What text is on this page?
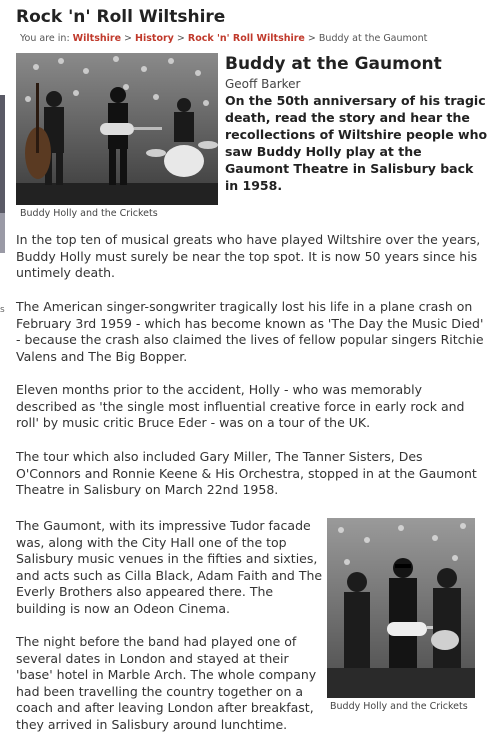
s
Rock 'n' Roll Wiltshire
You are in: Wiltshire > History > Rock 'n' Roll Wiltshire > Buddy at the Gaumont
Buddy Holly and the Crickets
Buddy at the Gaumont
Geoff Barker
On the 50th anniversary of his tragic death, read the story and hear the recollections of Wiltshire people who saw Buddy Holly play at the Gaumont Theatre in Salisbury back in 1958.

In the top ten of musical greats who have played Wiltshire over the years, Buddy Holly must surely be near the top spot. It is now 50 years since his untimely death.

The American singer-songwriter tragically lost his life in a plane crash on February 3rd 1959 - which has become known as 'The Day the Music Died' - because the crash also claimed the lives of fellow popular singers Ritchie Valens and The Big Bopper.

Eleven months prior to the accident, Holly - who was memorably described as 'the single most influential creative force in early rock and roll' by music critic Bruce Eder - was on a tour of the UK.

The tour which also included Gary Miller, The Tanner Sisters, Des O'Connors and Ronnie Keene & His Orchestra, stopped in at the Gaumont Theatre in Salisbury on March 22nd 1958.

The Gaumont, with its impressive Tudor facade was, along with the City Hall one of the top Salisbury music venues in the fifties and sixties, and acts such as Cilla Black, Adam Faith and The Everly Brothers also appeared there. The building is now an Odeon Cinema.

The night before the band had played one of several dates in London and stayed at their 'base' hotel in Marble Arch. The whole company had been travelling the country together on a coach and after leaving London after breakfast, they arrived in Salisbury around lunchtime.

Buddy Holly and the Crickets
